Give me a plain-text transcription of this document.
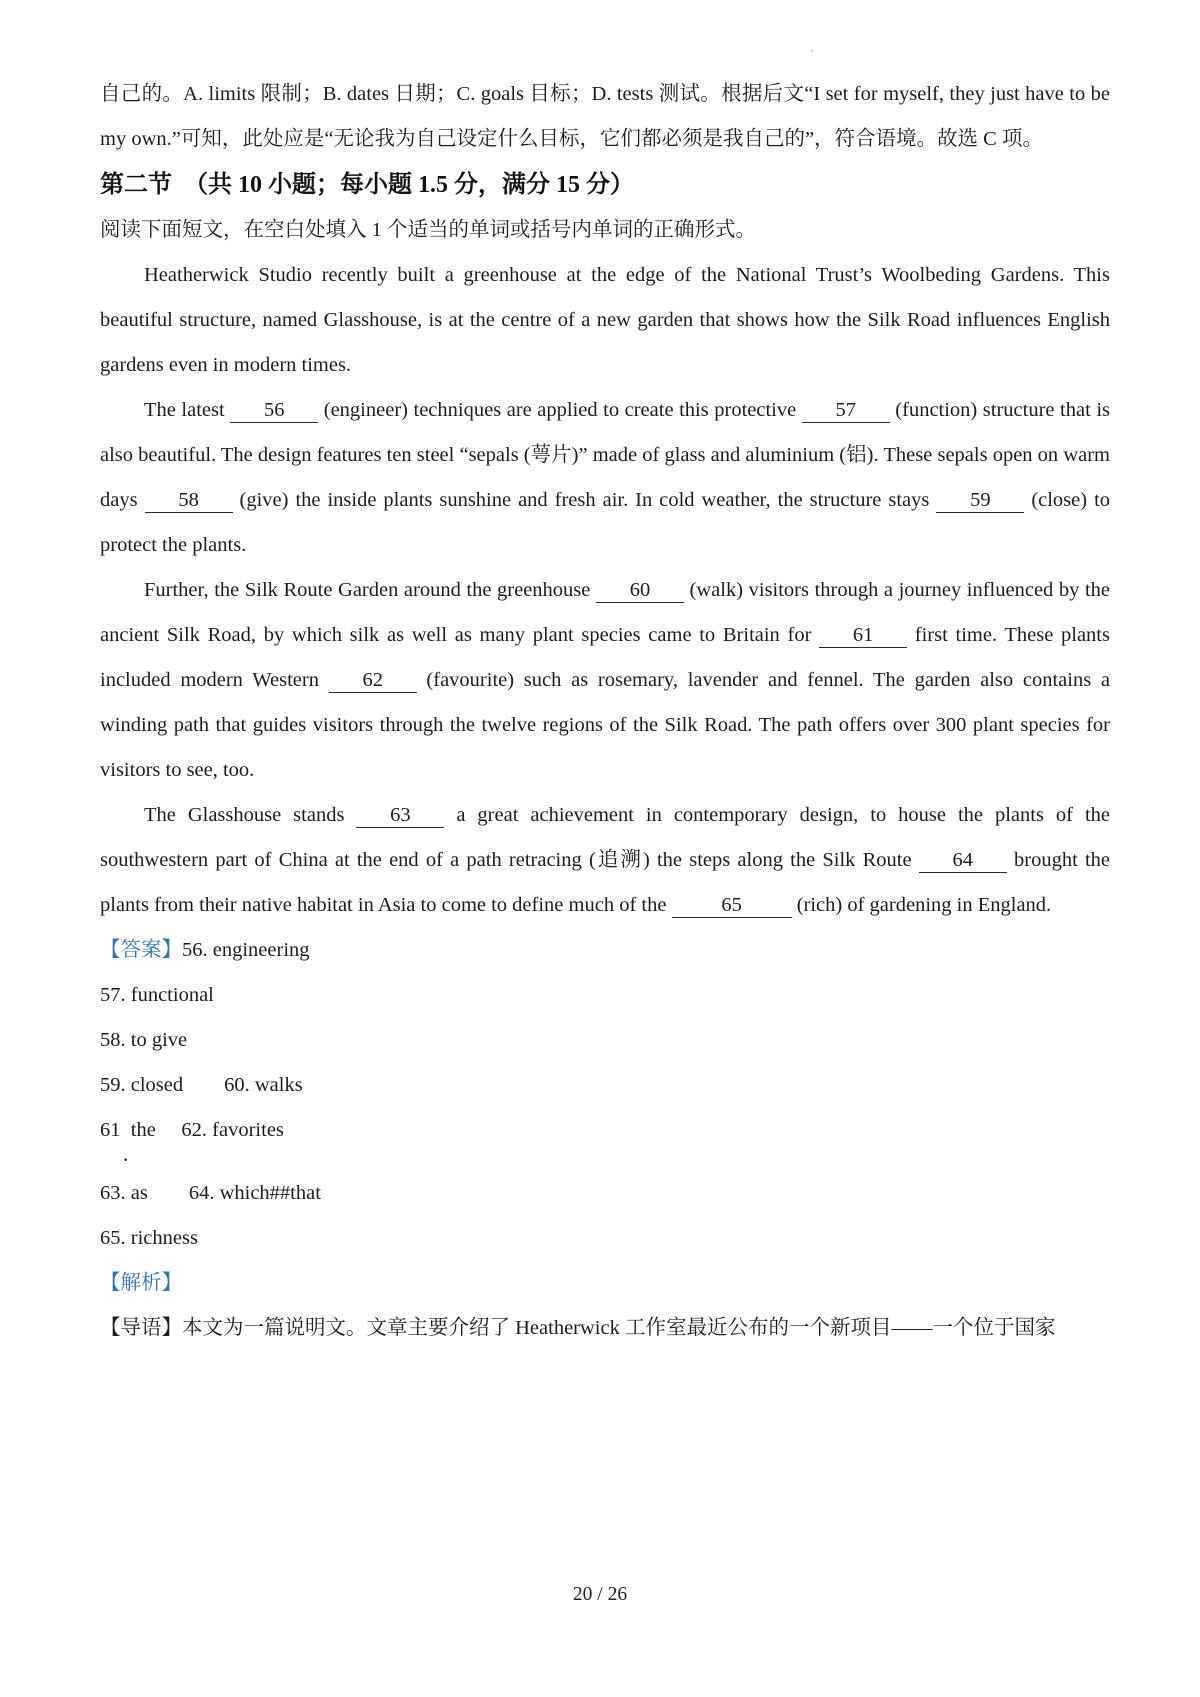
·

自己的。A. limits 限制；B. dates 日期；C. goals 目标；D. tests 测试。根据后文“I set for myself, they just have to be my own.”可知，此处应是“无论我为自己设定什么目标，它们都必须是我自己的”，符合语境。故选 C 项。

第二节　（共 10 小题；每小题 1.5 分，满分 15 分）

阅读下面短文，在空白处填入 1 个适当的单词或括号内单词的正确形式。

Heatherwick Studio recently built a greenhouse at the edge of the National Trust’s Woolbeding Gardens. This beautiful structure, named Glasshouse, is at the centre of a new garden that shows how the Silk Road influences English gardens even in modern times.

The latest 56 (engineer) techniques are applied to create this protective 57 (function) structure that is also beautiful. The design features ten steel “sepals (萼片)” made of glass and aluminium (铝). These sepals open on warm days 58 (give) the inside plants sunshine and fresh air. In cold weather, the structure stays 59 (close) to protect the plants.

Further, the Silk Route Garden around the greenhouse 60 (walk) visitors through a journey influenced by the ancient Silk Road, by which silk as well as many plant species came to Britain for 61 first time. These plants included modern Western 62 (favourite) such as rosemary, lavender and fennel. The garden also contains a winding path that guides visitors through the twelve regions of the Silk Road. The path offers over 300 plant species for visitors to see, too.

The Glasshouse stands 63 a great achievement in contemporary design, to house the plants of the southwestern part of China at the end of a path retracing (追溯) the steps along the Silk Route 64 brought the plants from their native habitat in Asia to come to define much of the 65 (rich) of gardening in England.

【答案】56. engineering

57. functional

58. to give

59. closed　　60. walks

61  the　 62. favorites

·

63. as　　64. which##that

65. richness

【解析】

【导语】本文为一篇说明文。文章主要介绍了 Heatherwick 工作室最近公布的一个新项目——一个位于国家

20 / 26
